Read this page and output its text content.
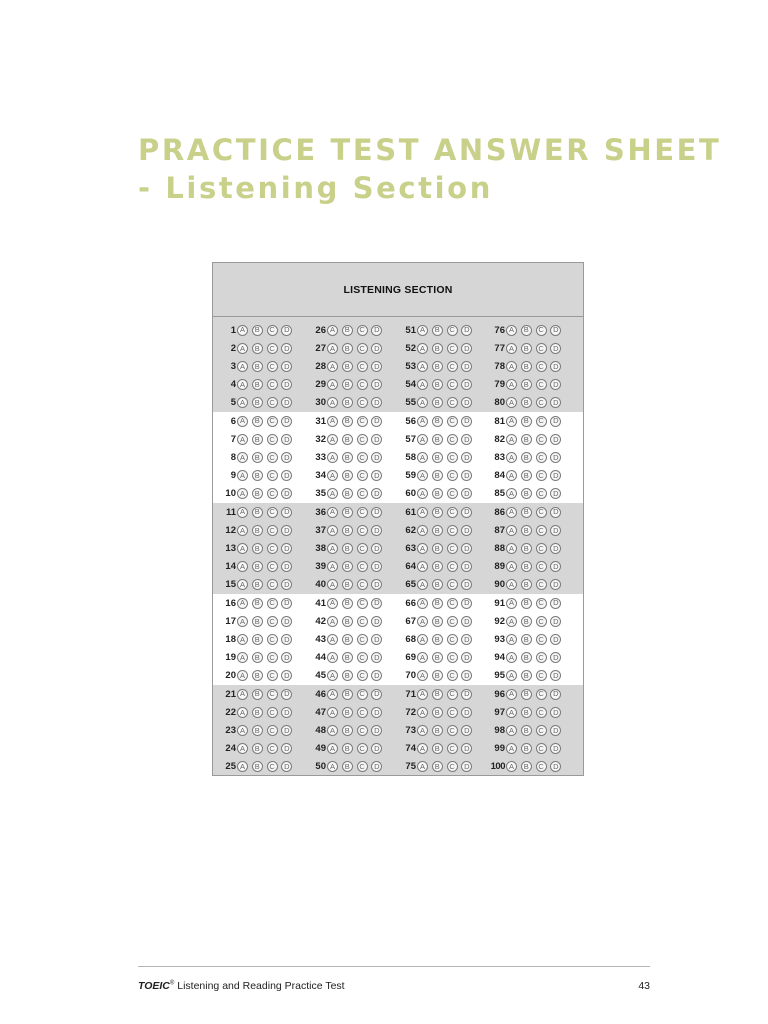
PRACTICE TEST ANSWER SHEET
- Listening Section
LISTENING SECTION
1 A	B	C	D
2 A	B	C	D
3 A	B	C	D
4 A	B	C	D
5 A	B	C	D
6 A	B	C	D
7 A	B	C	D
8 A	B	C	D
9 A	B	C	D
10 A	B	C	D
11 A	B	C	D
12 A	B	C	D
13 A	B	C	D
14 A	B	C	D
15 A	B	C	D
16 A	B	C	D
17 A	B	C	D
18 A	B	C	D
19 A	B	C	D
20 A	B	C	D
21 A	B	C	D
22 A	B	C	D
23 A	B	C	D
24 A	B	C	D
25 A	B	C	D
26 A	B	C	D
27 A	B	C	D
28 A	B	C	D
29 A	B	C	D
30 A	B	C	D
31 A	B	C	D
32 A	B	C	D
33 A	B	C	D
34 A	B	C	D
35 A	B	C	D
36 A	B	C	D
37 A	B	C	D
38 A	B	C	D
39 A	B	C	D
40 A	B	C	D
41 A	B	C	D
42 A	B	C	D
43 A	B	C	D
44 A	B	C	D
45 A	B	C	D
46 A	B	C	D
47 A	B	C	D
48 A	B	C	D
49 A	B	C	D
50 A	B	C	D
51 A	B	C	D
52 A	B	C	D
53 A	B	C	D
54 A	B	C	D
55 A	B	C	D
56 A	B	C	D
57 A	B	C	D
58 A	B	C	D
59 A	B	C	D
60 A	B	C	D
61 A	B	C	D
62 A	B	C	D
63 A	B	C	D
64 A	B	C	D
65 A	B	C	D
66 A	B	C	D
67 A	B	C	D
68 A	B	C	D
69 A	B	C	D
70 A	B	C	D
71 A	B	C	D
72 A	B	C	D
73 A	B	C	D
74 A	B	C	D
75 A	B	C	D
76 A	B	C	D
77 A	B	C	D
78 A	B	C	D
79 A	B	C	D
80 A	B	C	D
81 A	B	C	D
82 A	B	C	D
83 A	B	C	D
84 A	B	C	D
85 A	B	C	D
86 A	B	C	D
87 A	B	C	D
88 A	B	C	D
89 A	B	C	D
90 A	B	C	D
91 A	B	C	D
92 A	B	C	D
93 A	B	C	D
94 A	B	C	D
95 A	B	C	D
96 A	B	C	D
97 A	B	C	D
98 A	B	C	D
99 A	B	C	D
100 A	B	C	D
TOEIC® Listening and Reading Practice Test	43
